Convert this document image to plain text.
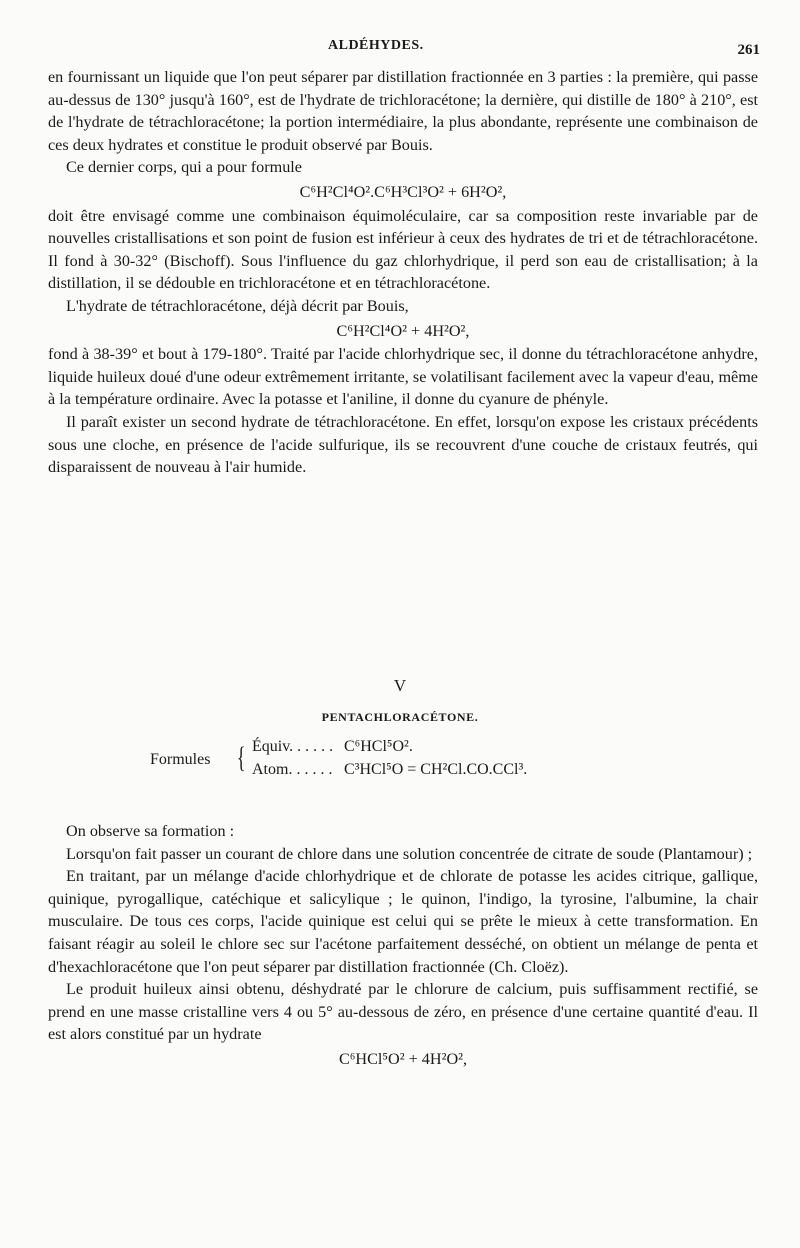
ALDÉHYDES.	261

en fournissant un liquide que l'on peut séparer par distillation fractionnée en 3 parties : la première, qui passe au-dessus de 130° jusqu'à 160°, est de l'hydrate de trichloracétone; la dernière, qui distille de 180° à 210°, est de l'hydrate de tétrachloracétone; la portion intermédiaire, la plus abondante, représente une combinaison de ces deux hydrates et constitue le produit observé par Bouis.

Ce dernier corps, qui a pour formule

C⁶H²Cl⁴O².C⁶H³Cl³O² + 6H²O²,

doit être envisagé comme une combinaison équimoléculaire, car sa composition reste invariable par de nouvelles cristallisations et son point de fusion est inférieur à ceux des hydrates de tri et de tétrachloracétone. Il fond à 30-32° (Bischoff). Sous l'influence du gaz chlorhydrique, il perd son eau de cristallisation; à la distillation, il se dédouble en trichloracétone et en tétrachloracétone.

L'hydrate de tétrachloracétone, déjà décrit par Bouis,

C⁶H²Cl⁴O² + 4H²O²,

fond à 38-39° et bout à 179-180°. Traité par l'acide chlorhydrique sec, il donne du tétrachloracétone anhydre, liquide huileux doué d'une odeur extrêmement irritante, se volatilisant facilement avec la vapeur d'eau, même à la température ordinaire. Avec la potasse et l'aniline, il donne du cyanure de phényle.

Il paraît exister un second hydrate de tétrachloracétone. En effet, lorsqu'on expose les cristaux précédents sous une cloche, en présence de l'acide sulfurique, ils se recouvrent d'une couche de cristaux feutrés, qui disparaissent de nouveau à l'air humide.

V
PENTACHLORACÉTONE.
Formules { Équiv. . . . . . C⁶HCl⁵O².
Atom. . . . . . C³HCl⁵O = CH²Cl.CO.CCl³.

On observe sa formation :

Lorsqu'on fait passer un courant de chlore dans une solution concentrée de citrate de soude (Plantamour) ;

En traitant, par un mélange d'acide chlorhydrique et de chlorate de potasse les acides citrique, gallique, quinique, pyrogallique, catéchique et salicylique ; le quinon, l'indigo, la tyrosine, l'albumine, la chair musculaire. De tous ces corps, l'acide quinique est celui qui se prête le mieux à cette transformation. En faisant réagir au soleil le chlore sec sur l'acétone parfaitement desséché, on obtient un mélange de penta et d'hexachloracétone que l'on peut séparer par distillation fractionnée (Ch. Cloëz).

Le produit huileux ainsi obtenu, déshydraté par le chlorure de calcium, puis suffisamment rectifié, se prend en une masse cristalline vers 4 ou 5° au-dessous de zéro, en présence d'une certaine quantité d'eau. Il est alors constitué par un hydrate

C⁶HCl⁵O² + 4H²O²,
